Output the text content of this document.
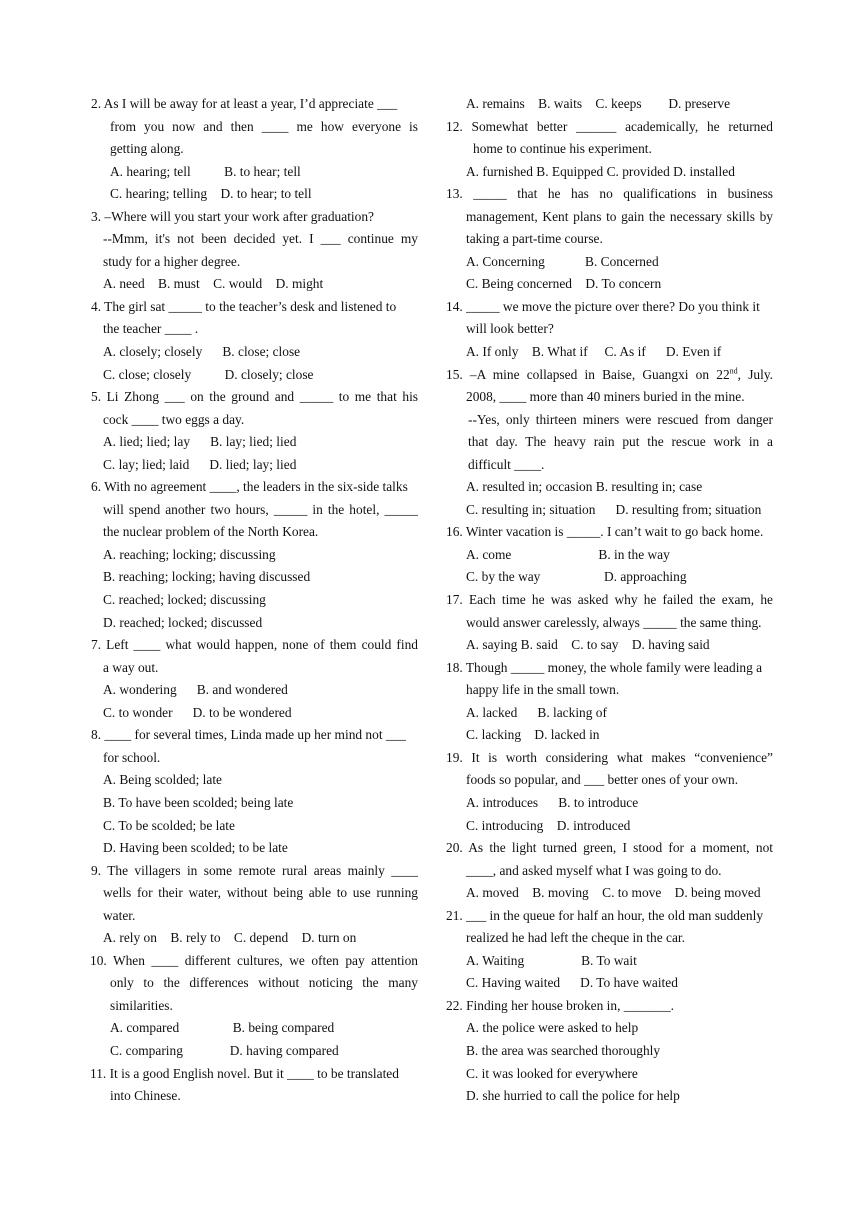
2. As I will be away for at least a year, I’d appreciate ___
from you now and then ____ me how everyone is
getting along.
A. hearing; tell          B. to hear; tell
C. hearing; telling    D. to hear; to tell
3. –Where will you start your work after graduation?
--Mmm, it's not been decided yet. I ___ continue my
study for a higher degree.
A. need    B. must    C. would    D. might
4. The girl sat _____ to the teacher’s desk and listened to
the teacher ____ .
A. closely; closely      B. close; close
C. close; closely          D. closely; close
5. Li Zhong ___ on the ground and _____ to me that his
cock ____ two eggs a day.
A. lied; lied; lay      B. lay; lied; lied
C. lay; lied; laid      D. lied; lay; lied
6. With no agreement ____, the leaders in the six-side talks
will spend another two hours, _____ in the hotel, _____
the nuclear problem of the North Korea.
A. reaching; locking; discussing
B. reaching; locking; having discussed
C. reached; locked; discussing
D. reached; locked; discussed
7. Left ____ what would happen, none of them could find
a way out.
A. wondering      B. and wondered
C. to wonder      D. to be wondered
8. ____ for several times, Linda made up her mind not ___
for school.
A. Being scolded; late
B. To have been scolded; being late
C. To be scolded; be late
D. Having been scolded; to be late
9. The villagers in some remote rural areas mainly ____
wells for their water, without being able to use running
water.
A. rely on    B. rely to    C. depend    D. turn on
10. When ____ different cultures, we often pay attention
only to the differences without noticing the many
similarities.
A. compared                B. being compared
C. comparing              D. having compared
11. It is a good English novel. But it ____ to be translated
into Chinese.
A. remains    B. waits    C. keeps        D. preserve
12. Somewhat better ______ academically, he returned
home to continue his experiment.
A. furnished B. Equipped C. provided D. installed
13. _____ that he has no qualifications in business
management, Kent plans to gain the necessary skills by
taking a part-time course.
A. Concerning            B. Concerned
C. Being concerned    D. To concern
14. _____ we move the picture over there? Do you think it
will look better?
A. If only    B. What if     C. As if      D. Even if
15. –A mine collapsed in Baise, Guangxi on 22nd, July.
2008, ____ more than 40 miners buried in the mine.
--Yes, only thirteen miners were rescued from danger
that day. The heavy rain put the rescue work in a
difficult ____.
A. resulted in; occasion B. resulting in; case
C. resulting in; situation      D. resulting from; situation
16. Winter vacation is _____. I can’t wait to go back home.
A. come                          B. in the way
C. by the way                   D. approaching
17. Each time he was asked why he failed the exam, he
would answer carelessly, always _____ the same thing.
A. saying B. said    C. to say    D. having said
18. Though _____ money, the whole family were leading a
happy life in the small town.
A. lacked      B. lacking of
C. lacking    D. lacked in
19. It is worth considering what makes “convenience”
foods so popular, and ___ better ones of your own.
A. introduces      B. to introduce
C. introducing    D. introduced
20. As the light turned green, I stood for a moment, not
____, and asked myself what I was going to do.
A. moved    B. moving    C. to move    D. being moved
21. ___ in the queue for half an hour, the old man suddenly
realized he had left the cheque in the car.
A. Waiting                 B. To wait
C. Having waited      D. To have waited
22. Finding her house broken in, _______.
A. the police were asked to help
B. the area was searched thoroughly
C. it was looked for everywhere
D. she hurried to call the police for help
